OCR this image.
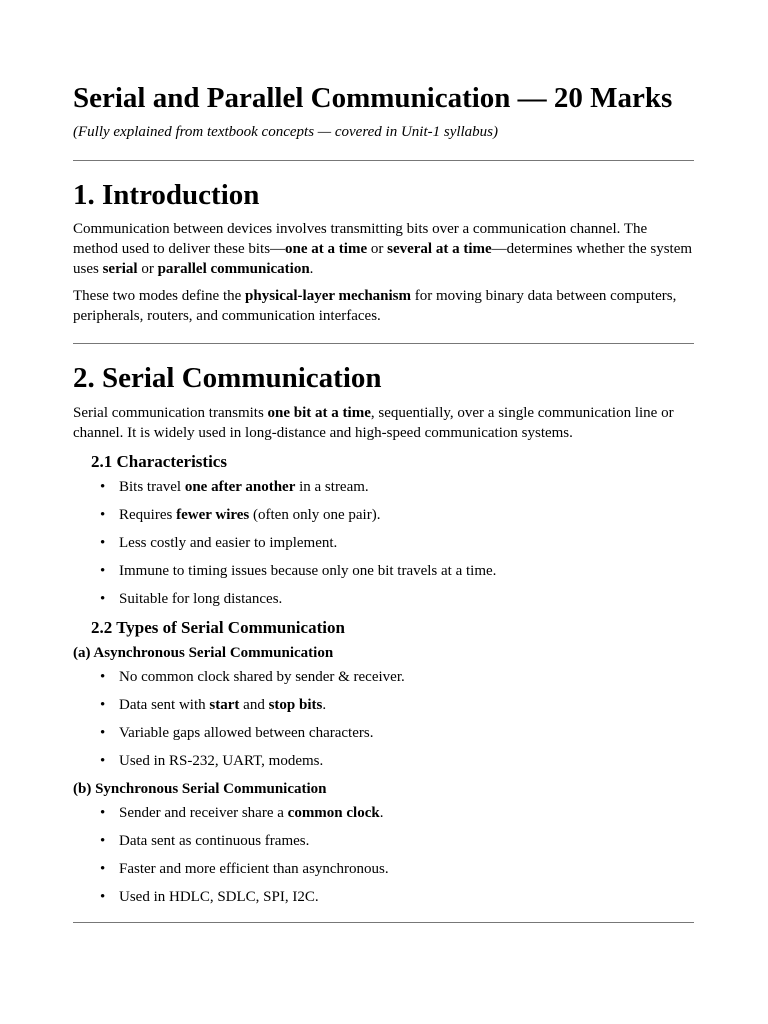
Serial and Parallel Communication — 20 Marks
(Fully explained from textbook concepts — covered in Unit-1 syllabus)
1. Introduction

Communication between devices involves transmitting bits over a communication channel. The method used to deliver these bits—one at a time or several at a time—determines whether the system uses serial or parallel communication.

These two modes define the physical-layer mechanism for moving binary data between computers, peripherals, routers, and communication interfaces.

2. Serial Communication

Serial communication transmits one bit at a time, sequentially, over a single communication line or channel. It is widely used in long-distance and high-speed communication systems.

2.1 Characteristics
• Bits travel one after another in a stream.
• Requires fewer wires (often only one pair).
• Less costly and easier to implement.
• Immune to timing issues because only one bit travels at a time.
• Suitable for long distances.
2.2 Types of Serial Communication
(a) Asynchronous Serial Communication
• No common clock shared by sender & receiver.
• Data sent with start and stop bits.
• Variable gaps allowed between characters.
• Used in RS-232, UART, modems.
(b) Synchronous Serial Communication
• Sender and receiver share a common clock.
• Data sent as continuous frames.
• Faster and more efficient than asynchronous.
• Used in HDLC, SDLC, SPI, I2C.
